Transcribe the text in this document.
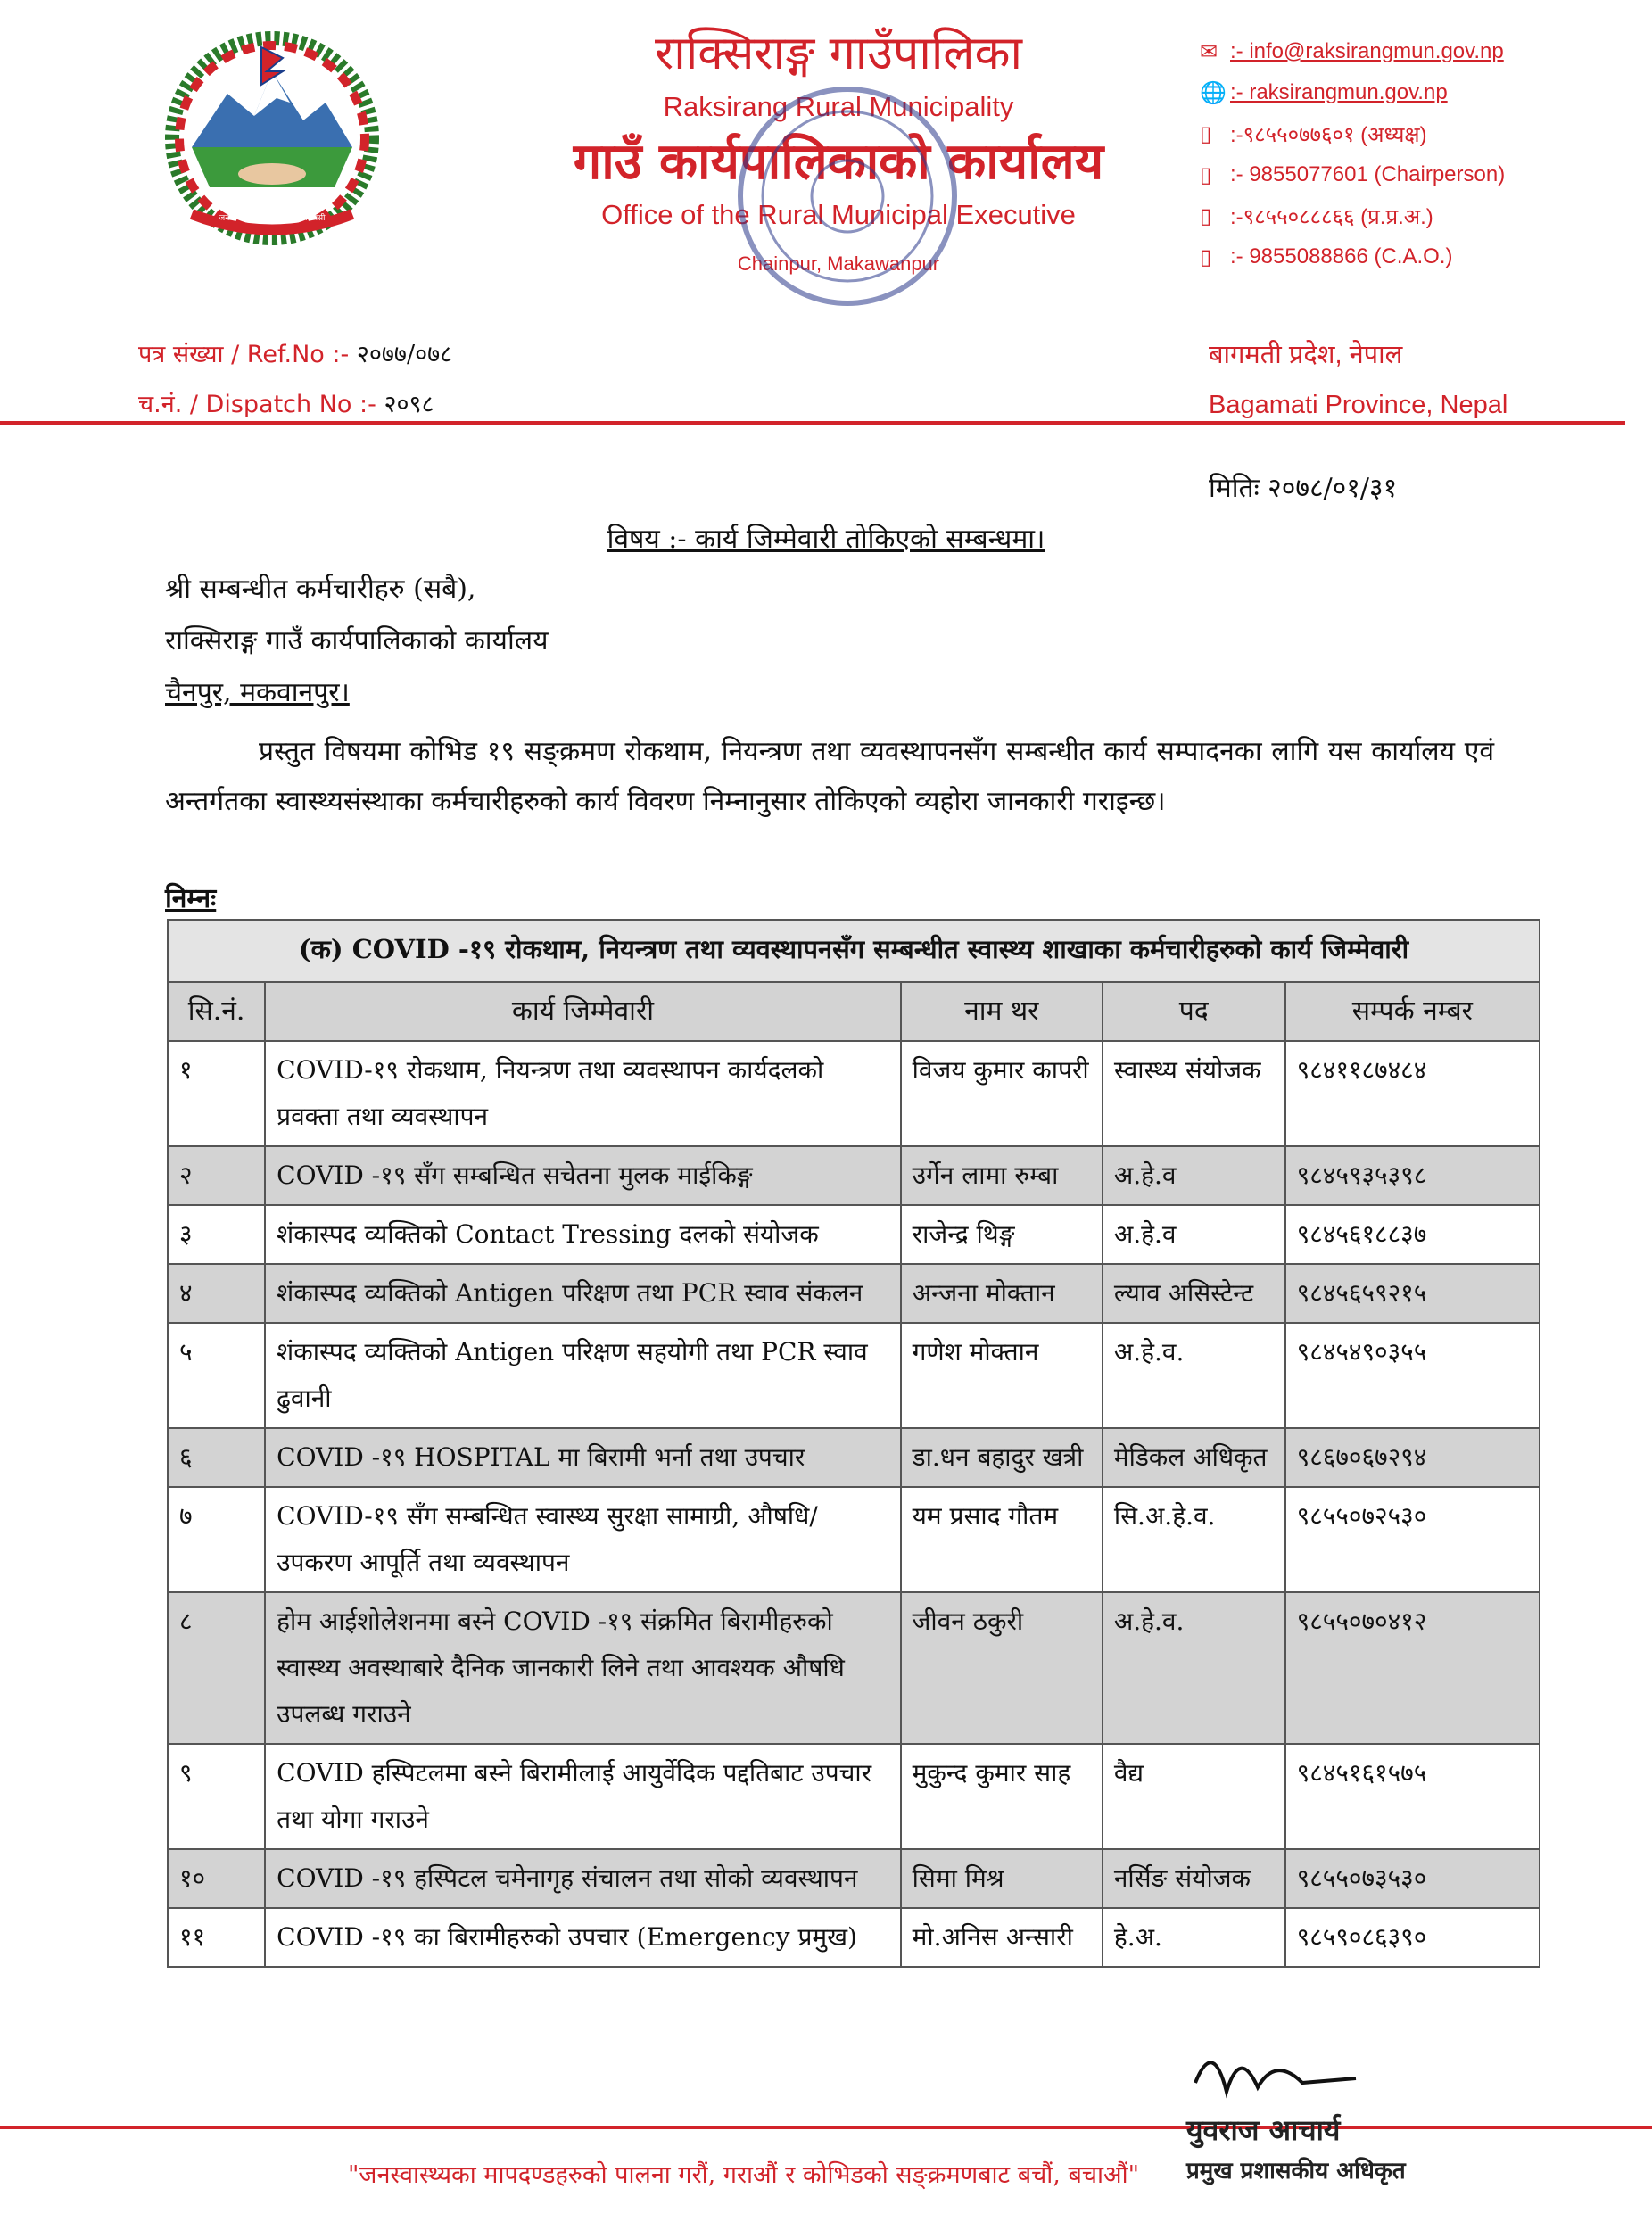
जननी जन्मभूमिश्च स्वर्गादपि गरीयसी
राक्सिराङ्ग गाउँपालिका
Raksirang Rural Municipality
गाउँ कार्यपालिकाको कार्यालय
Office of the Rural Municipal Executive
Chainpur, Makawanpur
✉ :- info@raksirangmun.gov.np
🌐 :- raksirangmun.gov.np
▯ :-९८५५०७७६०१ (अध्यक्ष)
▯ :- 9855077601 (Chairperson)
▯ :-९८५५०८८८६६ (प्र.प्र.अ.)
▯ :- 9855088866 (C.A.O.)
पत्र संख्या / Ref.No :- २०७७/०७८
च.नं. / Dispatch No :- २०९८
बागमती प्रदेश, नेपाल
Bagamati Province, Nepal
मितिः २०७८/०१/३१
विषय :- कार्य जिम्मेवारी तोकिएको सम्बन्धमा।
श्री सम्बन्धीत कर्मचारीहरु (सबै),
राक्सिराङ्ग गाउँ कार्यपालिकाको कार्यालय
चैनपुर, मकवानपुर।
प्रस्तुत विषयमा कोभिड १९ सङ्क्रमण रोकथाम, नियन्त्रण तथा व्यवस्थापनसँग सम्बन्धीत कार्य सम्पादनका लागि यस कार्यालय एवं अन्तर्गतका स्वास्थ्यसंस्थाका कर्मचारीहरुको कार्य विवरण निम्नानुसार तोकिएको व्यहोरा जानकारी गराइन्छ।
निम्नः
(क) COVID -१९ रोकथाम, नियन्त्रण तथा व्यवस्थापनसँग सम्बन्धीत स्वास्थ्य शाखाका कर्मचारीहरुको कार्य जिम्मेवारी				
सि.नं.	कार्य जिम्मेवारी	नाम थर	पद	सम्पर्क नम्बर
१	COVID-१९ रोकथाम, नियन्त्रण तथा व्यवस्थापन कार्यदलको प्रवक्ता तथा व्यवस्थापन	विजय कुमार कापरी	स्वास्थ्य संयोजक	९८४११८७४८४
२	COVID -१९ सँग सम्बन्धित सचेतना मुलक माईकिङ्ग	उर्गेन लामा रुम्बा	अ.हे.व	९८४५९३५३९८
३	शंकास्पद व्यक्तिको Contact Tressing दलको संयोजक	राजेन्द्र थिङ्ग	अ.हे.व	९८४५६१८८३७
४	शंकास्पद व्यक्तिको Antigen परिक्षण तथा PCR स्वाव संकलन	अन्जना मोक्तान	ल्याव असिस्टेन्ट	९८४५६५९२१५
५	शंकास्पद व्यक्तिको Antigen परिक्षण सहयोगी तथा PCR स्वाव ढुवानी	गणेश मोक्तान	अ.हे.व.	९८४५४९०३५५
६	COVID -१९ HOSPITAL मा बिरामी भर्ना तथा उपचार	डा.धन बहादुर खत्री	मेडिकल अधिकृत	९८६७०६७२९४
७	COVID-१९ सँग सम्बन्धित स्वास्थ्य सुरक्षा सामाग्री, औषधि/उपकरण आपूर्ति तथा व्यवस्थापन	यम प्रसाद गौतम	सि.अ.हे.व.	९८५५०७२५३०
८	होम आईशोलेशनमा बस्ने COVID -१९ संक्रमित बिरामीहरुको स्वास्थ्य अवस्थाबारे दैनिक जानकारी लिने तथा आवश्यक औषधि उपलब्ध गराउने	जीवन ठकुरी	अ.हे.व.	९८५५०७०४१२
९	COVID हस्पिटलमा बस्ने बिरामीलाई आयुर्वेदिक पद्दतिबाट उपचार तथा योगा गराउने	मुकुन्द कुमार साह	वैद्य	९८४५१६१५७५
१०	COVID -१९ हस्पिटल चमेनागृह संचालन तथा सोको व्यवस्थापन	सिमा मिश्र	नर्सिङ संयोजक	९८५५०७३५३०
११	COVID -१९ का बिरामीहरुको उपचार (Emergency प्रमुख)	मो.अनिस अन्सारी	हे.अ.	९८५९०८६३९०
युवराज आचार्य
प्रमुख प्रशासकीय अधिकृत
"जनस्वास्थ्यका मापदण्डहरुको पालना गरौं, गराऔं र कोभिडको सङ्क्रमणबाट बचौं, बचाऔं"
